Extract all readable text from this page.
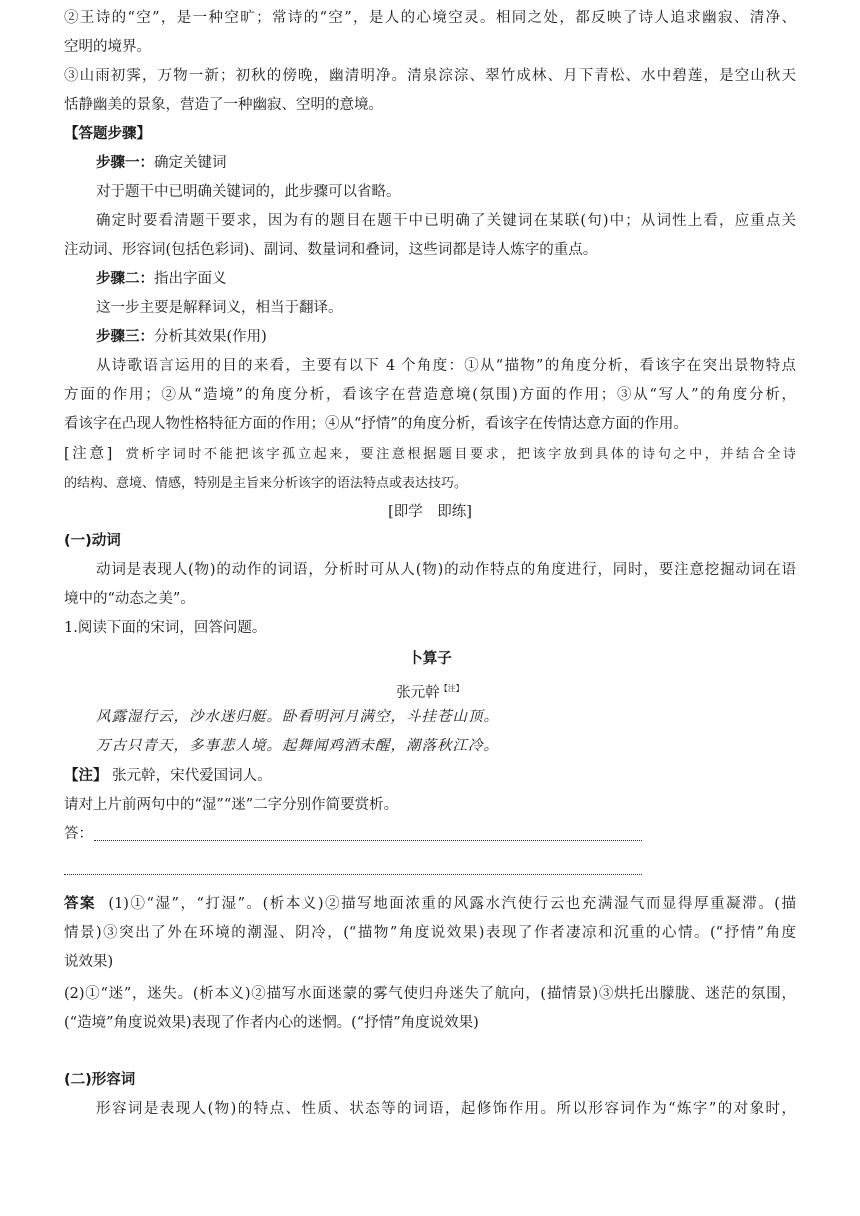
②王诗的“空”，是一种空旷；常诗的“空”，是人的心境空灵。相同之处，都反映了诗人追求幽寂、清净、
空明的境界。
③山雨初霁，万物一新；初秋的傍晚，幽清明净。清泉淙淙、翠竹成林、月下青松、水中碧莲，是空山秋天
恬静幽美的景象，营造了一种幽寂、空明的意境。
【答题步骤】
步骤一：确定关键词
对于题干中已明确关键词的，此步骤可以省略。
确定时要看清题干要求，因为有的题目在题干中已明确了关键词在某联(句)中；从词性上看，应重点关
注动词、形容词(包括色彩词)、副词、数量词和叠词，这些词都是诗人炼字的重点。
步骤二：指出字面义
这一步主要是解释词义，相当于翻译。
步骤三：分析其效果(作用)
从诗歌语言运用的目的来看，主要有以下 4 个角度：①从“描物”的角度分析，看该字在突出景物特点
方面的作用；②从“造境”的角度分析，看该字在营造意境(氛围)方面的作用；③从“写人”的角度分析，
看该字在凸现人物性格特征方面的作用；④从“抒情”的角度分析，看该字在传情达意方面的作用。
[注意] 赏析字词时不能把该字孤立起来，要注意根据题目要求，把该字放到具体的诗句之中，并结合全诗
的结构、意境、情感，特别是主旨来分析该字的语法特点或表达技巧。
[即学　即练]
(一)动词
动词是表现人(物)的动作的词语，分析时可从人(物)的动作特点的角度进行，同时，要注意挖掘动词在语
境中的“动态之美”。
1.阅读下面的宋词，回答问题。
卜算子
张元幹$^{【注】}$
风露湿行云，沙水迷归艇。卧看明河月满空，斗挂苍山顶。
万古只青天，多事悲人境。起舞闻鸡酒未醒，潮落秋江冷。
【注】 张元幹，宋代爱国词人。
请对上片前两句中的“湿”“迷”二字分别作简要赏析。
答：
答案 (1)①“湿”，“打湿”。(析本义)②描写地面浓重的风露水汽使行云也充满湿气而显得厚重凝滞。(描
情景)③突出了外在环境的潮湿、阴冷，(“描物”角度说效果)表现了作者凄凉和沉重的心情。(“抒情”角度
说效果)
(2)①“迷”，迷失。(析本义)②描写水面迷蒙的雾气使归舟迷失了航向，(描情景)③烘托出朦胧、迷茫的氛围，
(“造境”角度说效果)表现了作者内心的迷惘。(“抒情”角度说效果)
(二)形容词
形容词是表现人(物)的特点、性质、状态等的词语，起修饰作用。所以形容词作为“炼字”的对象时，
